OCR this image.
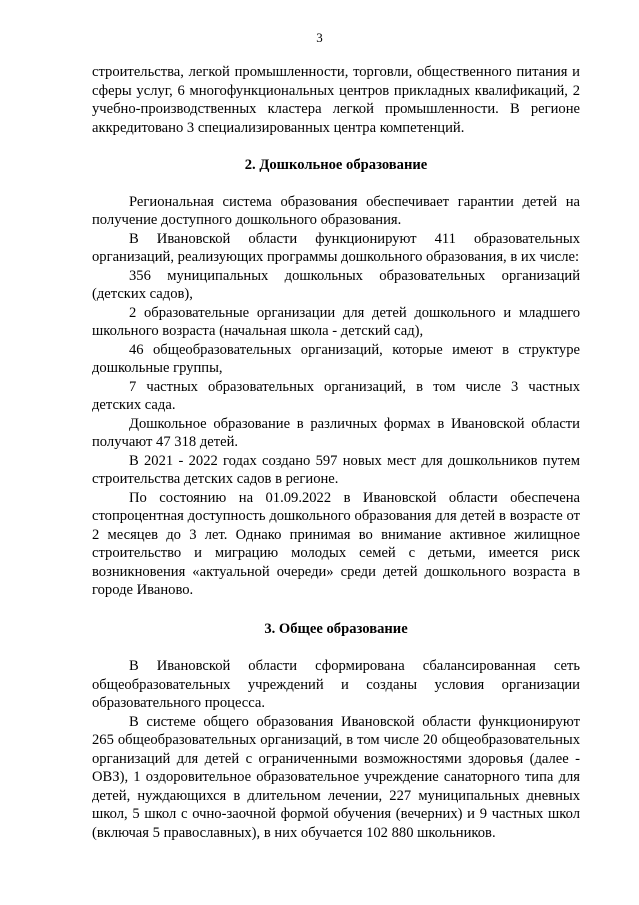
3

строительства, легкой промышленности, торговли, общественного питания и сферы услуг, 6 многофункциональных центров прикладных квалификаций, 2 учебно-производственных кластера легкой промышленности. В регионе аккредитовано 3 специализированных центра компетенций.

2. Дошкольное образование

Региональная система образования обеспечивает гарантии детей на получение доступного дошкольного образования.

В Ивановской области функционируют 411 образовательных организаций, реализующих программы дошкольного образования, в их числе:

356 муниципальных дошкольных образовательных организаций (детских садов),

2 образовательные организации для детей дошкольного и младшего школьного возраста (начальная школа - детский сад),

46 общеобразовательных организаций, которые имеют в структуре дошкольные группы,

7 частных образовательных организаций, в том числе 3 частных детских сада.

Дошкольное образование в различных формах в Ивановской области получают 47 318 детей.

В 2021 - 2022 годах создано 597 новых мест для дошкольников путем строительства детских садов в регионе.

По состоянию на 01.09.2022 в Ивановской области обеспечена стопроцентная доступность дошкольного образования для детей в возрасте от 2 месяцев до 3 лет. Однако принимая во внимание активное жилищное строительство и миграцию молодых семей с детьми, имеется риск возникновения «актуальной очереди» среди детей дошкольного возраста в городе Иваново.

3. Общее образование

В Ивановской области сформирована сбалансированная сеть общеобразовательных учреждений и созданы условия организации образовательного процесса.

В системе общего образования Ивановской области функционируют 265 общеобразовательных организаций, в том числе 20 общеобразовательных организаций для детей с ограниченными возможностями здоровья (далее - ОВЗ), 1 оздоровительное образовательное учреждение санаторного типа для детей, нуждающихся в длительном лечении, 227 муниципальных дневных школ, 5 школ с очно-заочной формой обучения (вечерних) и 9 частных школ (включая 5 православных), в них обучается 102 880 школьников.
